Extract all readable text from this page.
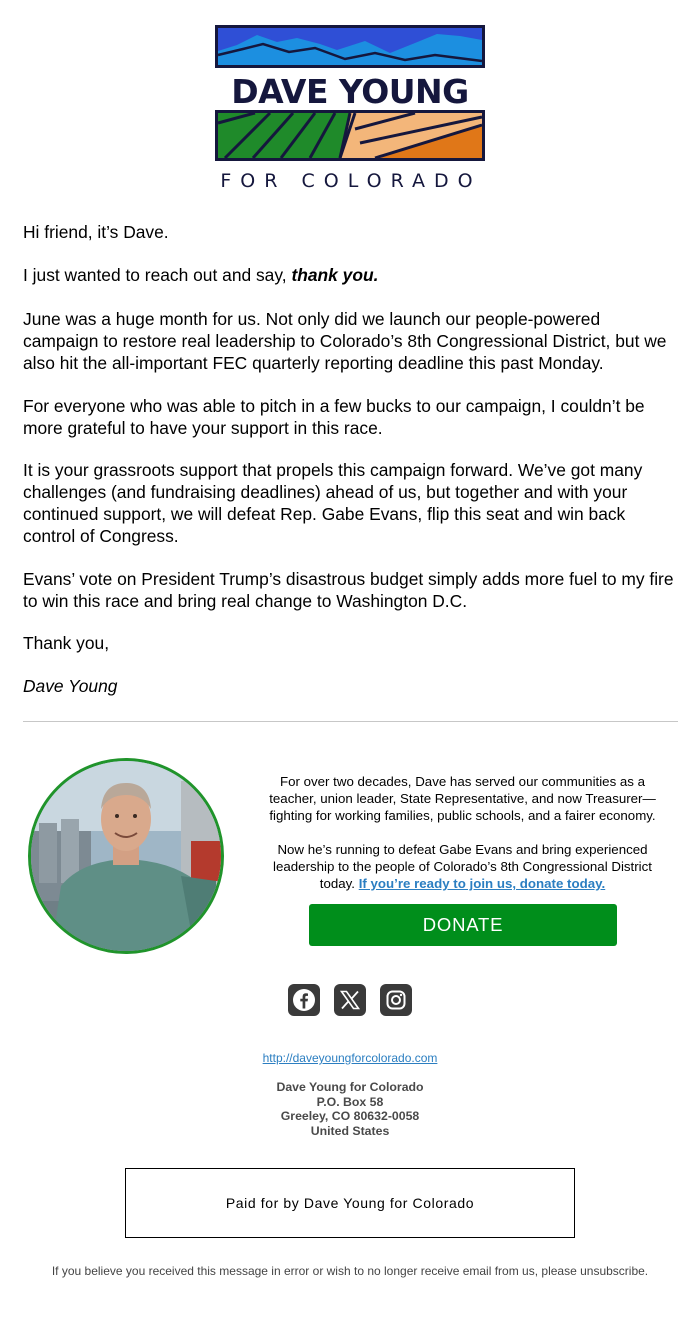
DAVE YOUNG
FOR COLORADO

Hi friend, it’s Dave.

I just wanted to reach out and say, thank you.

June was a huge month for us. Not only did we launch our people-powered campaign to restore real leadership to Colorado’s 8th Congressional District, but we also hit the all-important FEC quarterly reporting deadline this past Monday.

For everyone who was able to pitch in a few bucks to our campaign, I couldn’t be more grateful to have your support in this race.

It is your grassroots support that propels this campaign forward. We’ve got many challenges (and fundraising deadlines) ahead of us, but together and with your continued support, we will defeat Rep. Gabe Evans, flip this seat and win back control of Congress.

Evans’ vote on President Trump’s disastrous budget simply adds more fuel to my fire to win this race and bring real change to Washington D.C.

Thank you,

Dave Young

For over two decades, Dave has served our communities as a teacher, union leader, State Representative, and now Treasurer—fighting for working families, public schools, and a fairer economy.

Now he’s running to defeat Gabe Evans and bring experienced leadership to the people of Colorado’s 8th Congressional District today. If you’re ready to join us, donate today.

DONATE
http://daveyoungforcolorado.com
Dave Young for Colorado
P.O. Box 58
Greeley, CO 80632-0058
United States
Paid for by Dave Young for Colorado
If you believe you received this message in error or wish to no longer receive email from us, please unsubscribe.
